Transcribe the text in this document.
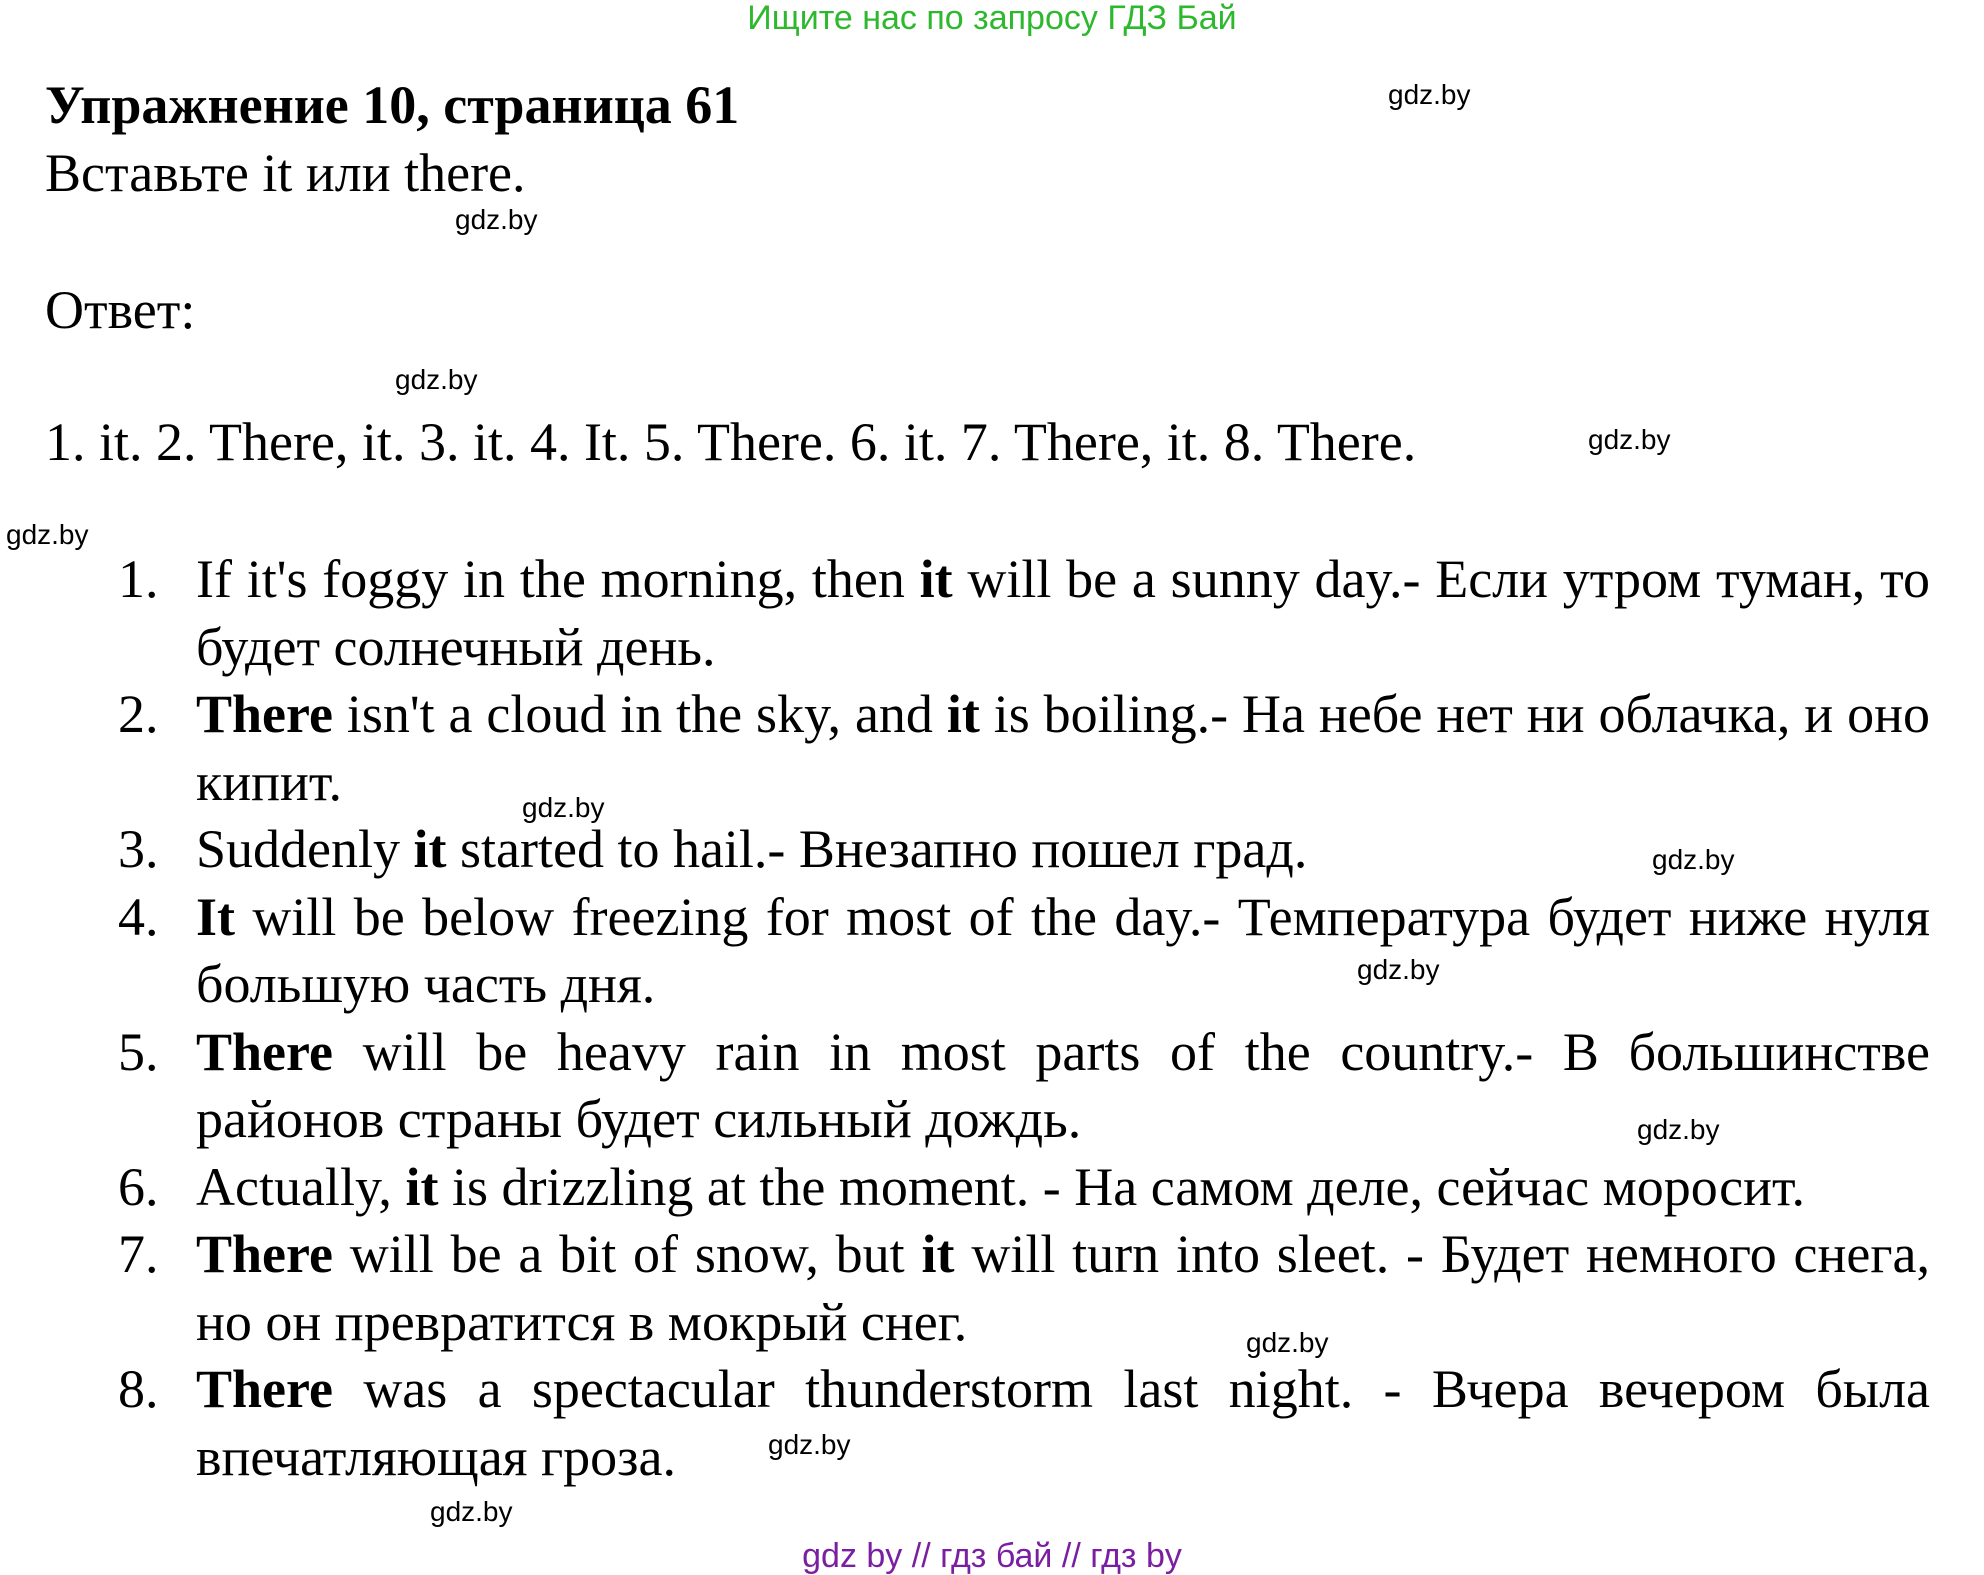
Ищите нас по запросу ГДЗ Бай
Упражнение 10, страница 61
Вставьте it или there.
Ответ:
1. it. 2. There, it. 3. it. 4. It. 5. There. 6. it. 7. There, it. 8. There.
1. If it's foggy in the morning, then it will be a sunny day.- Если утром туман, то будет солнечный день.
2. There isn't a cloud in the sky, and it is boiling.- На небе нет ни облачка, и оно кипит.
3. Suddenly it started to hail.- Внезапно пошел град.
4. It will be below freezing for most of the day.- Температура будет ниже нуля большую часть дня.
5. There will be heavy rain in most parts of the country.- В большинстве районов страны будет сильный дождь.
6. Actually, it is drizzling at the moment. - На самом деле, сейчас моросит.
7. There will be a bit of snow, but it will turn into sleet. - Будет немного снега, но он превратится в мокрый снег.
8. There was a spectacular thunderstorm last night. - Вчера вечером была впечатляющая гроза.
gdz.by
gdz.by
gdz.by
gdz.by
gdz.by
gdz.by
gdz.by
gdz.by
gdz.by
gdz.by
gdz.by
gdz.by
gdz by // гдз бай // гдз by
